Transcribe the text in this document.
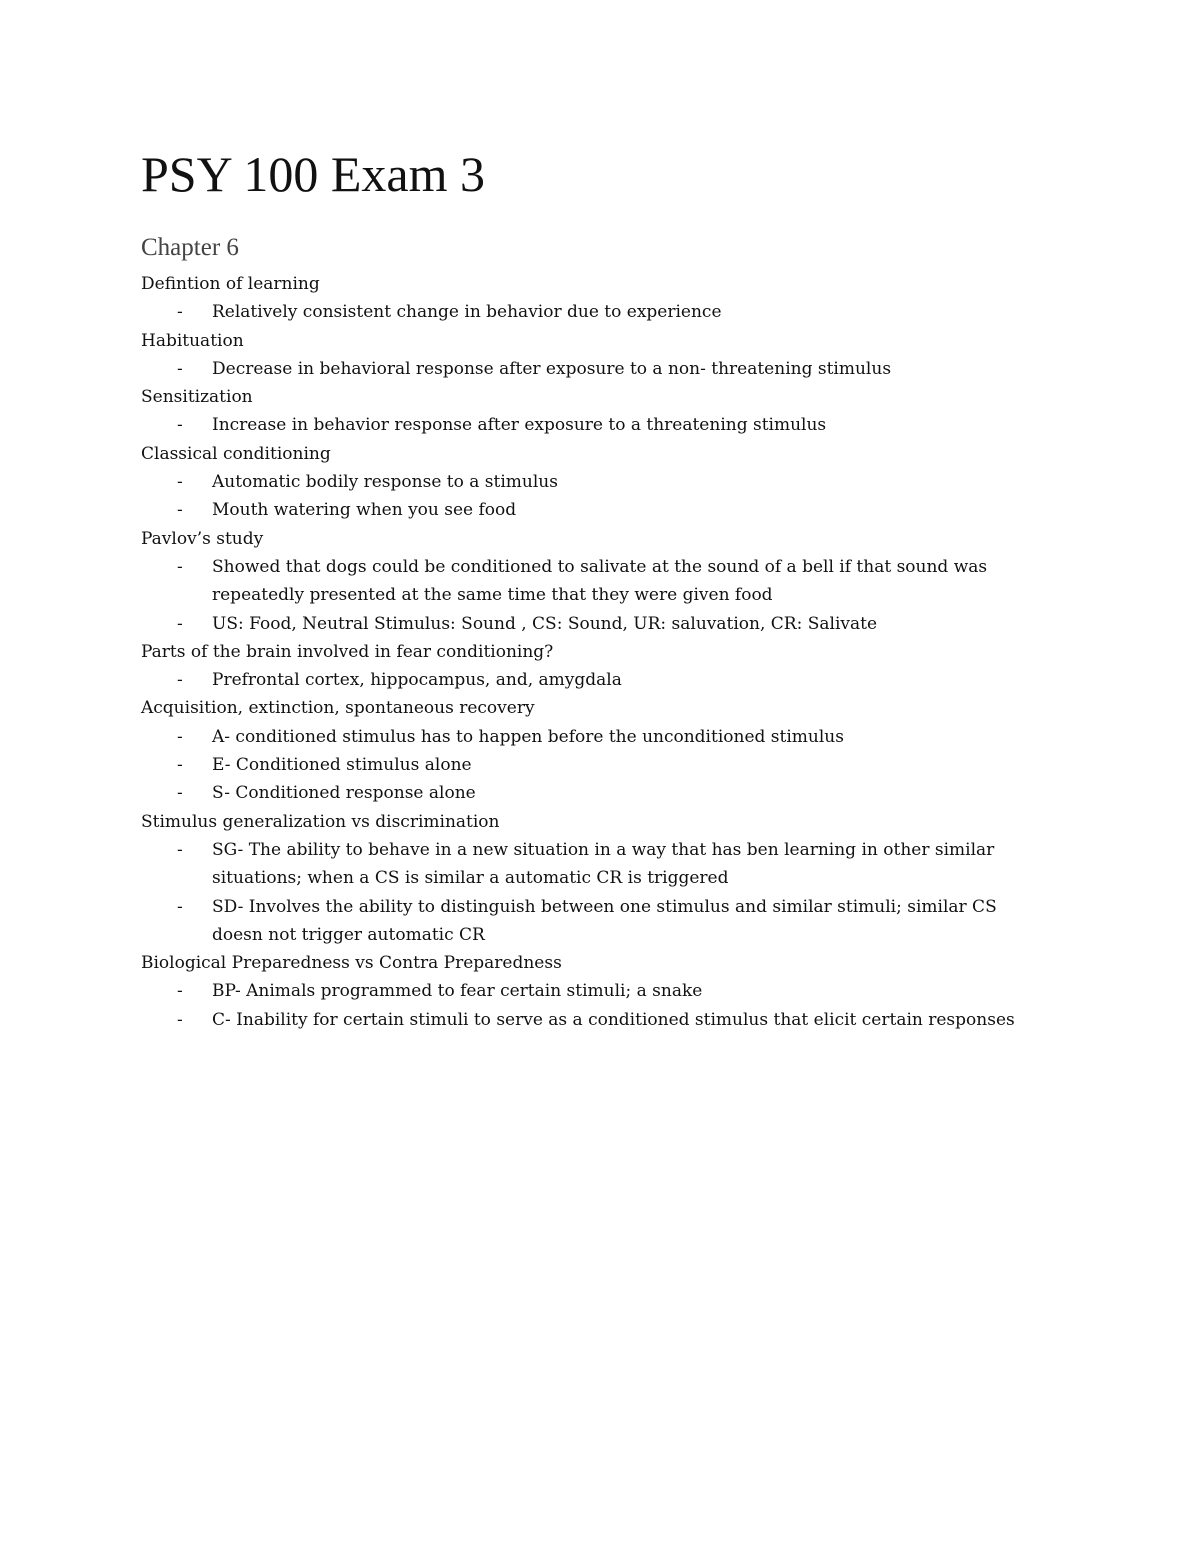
PSY 100 Exam 3
Chapter 6

Defintion of learning

- Relatively consistent change in behavior due to experience

Habituation

- Decrease in behavioral response after exposure to a non- threatening stimulus

Sensitization

- Increase in behavior response after exposure to a threatening stimulus

Classical conditioning

- Automatic bodily response to a stimulus
- Mouth watering when you see food

Pavlov’s study

- Showed that dogs could be conditioned to salivate at the sound of a bell if that sound was repeatedly presented at the same time that they were given food
- US: Food, Neutral Stimulus: Sound , CS: Sound, UR: saluvation, CR: Salivate

Parts of the brain involved in fear conditioning?

- Prefrontal cortex, hippocampus, and, amygdala

Acquisition, extinction, spontaneous recovery

- A- conditioned stimulus has to happen before the unconditioned stimulus
- E- Conditioned stimulus alone
- S- Conditioned response alone

Stimulus generalization vs discrimination

- SG- The ability to behave in a new situation in a way that has ben learning in other similar situations; when a CS is similar a automatic CR is triggered
- SD- Involves the ability to distinguish between one stimulus and similar stimuli; similar CS doesn not trigger automatic CR

Biological Preparedness vs Contra Preparedness

- BP- Animals programmed to fear certain stimuli; a snake
- C- Inability for certain stimuli to serve as a conditioned stimulus that elicit certain responses
